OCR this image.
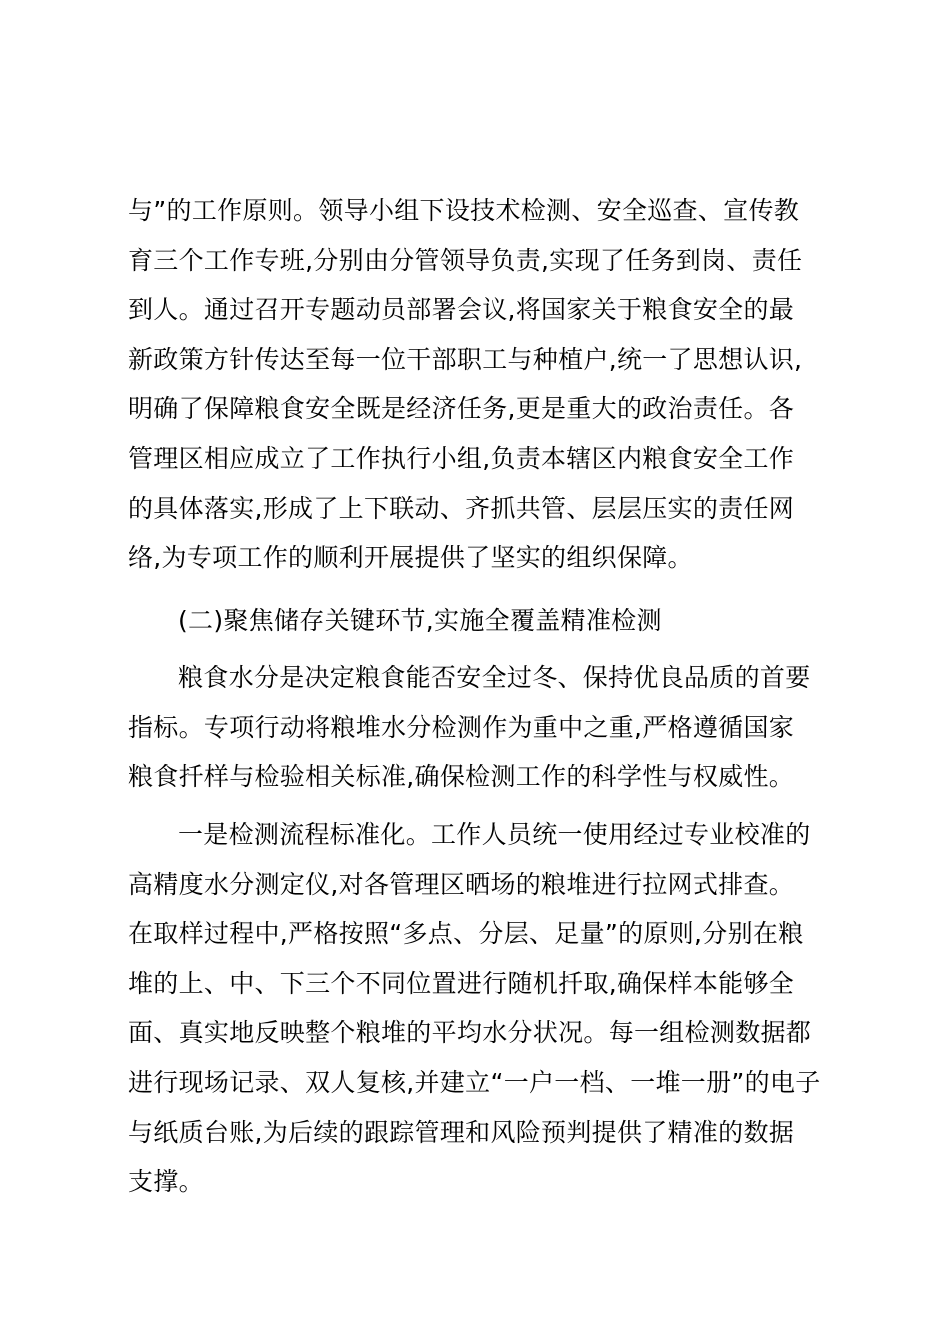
与”的工作原则。领导小组下设技术检测、安全巡查、宣传教
育三个工作专班,分别由分管领导负责,实现了任务到岗、责任
到人。通过召开专题动员部署会议,将国家关于粮食安全的最
新政策方针传达至每一位干部职工与种植户,统一了思想认识,
明确了保障粮食安全既是经济任务,更是重大的政治责任。各
管理区相应成立了工作执行小组,负责本辖区内粮食安全工作
的具体落实,形成了上下联动、齐抓共管、层层压实的责任网
络,为专项工作的顺利开展提供了坚实的组织保障。
(二)聚焦储存关键环节,实施全覆盖精准检测
粮食水分是决定粮食能否安全过冬、保持优良品质的首要
指标。专项行动将粮堆水分检测作为重中之重,严格遵循国家
粮食扦样与检验相关标准,确保检测工作的科学性与权威性。
一是检测流程标准化。工作人员统一使用经过专业校准的
高精度水分测定仪,对各管理区晒场的粮堆进行拉网式排查。
在取样过程中,严格按照“多点、分层、足量”的原则,分别在粮
堆的上、中、下三个不同位置进行随机扦取,确保样本能够全
面、真实地反映整个粮堆的平均水分状况。每一组检测数据都
进行现场记录、双人复核,并建立“一户一档、一堆一册”的电子
与纸质台账,为后续的跟踪管理和风险预判提供了精准的数据
支撑。
